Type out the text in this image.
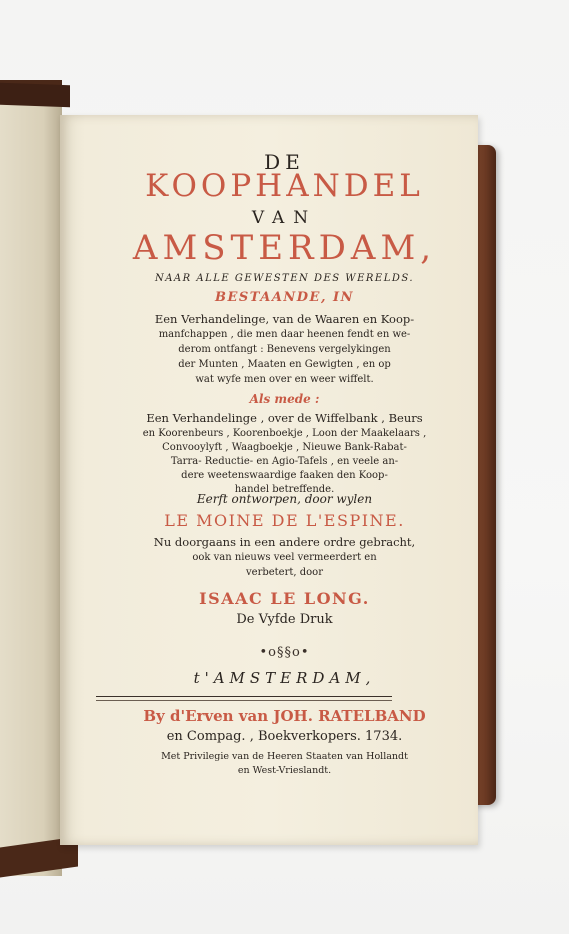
DE
KOOPHANDEL
VAN
AMSTERDAM,
NAAR ALLE GEWESTEN DES WERELDS.
BESTAANDE, IN
Een Verhandelinge, van de Waaren en Koop-
manfchappen , die men daar heenen fendt en we-
derom ontfangt : Benevens vergelykingen
der Munten , Maaten en Gewigten , en op
wat wyfe men over en weer wiffelt.
Als mede :
Een Verhandelinge , over de Wiffelbank , Beurs
en Koorenbeurs , Koorenboekje , Loon der Maakelaars ,
Convooylyft , Waagboekje , Nieuwe Bank-Rabat-
Tarra- Reductie- en Agio-Tafels , en veele an-
dere weetenswaardige faaken den Koop-
handel betreffende.
Eerft ontworpen, door wylen
LE MOINE DE L'ESPINE.
Nu doorgaans in een andere ordre gebracht,
ook van nieuws veel vermeerdert en
verbetert, door
ISAAC LE LONG.
De Vyfde Druk
•o§§o•
t'AMSTERDAM,
By d'Erven van JOH. RATELBAND
en Compag. , Boekverkopers. 1734.
Met Privilegie van de Heeren Staaten van Hollandt
en West-Vrieslandt.
